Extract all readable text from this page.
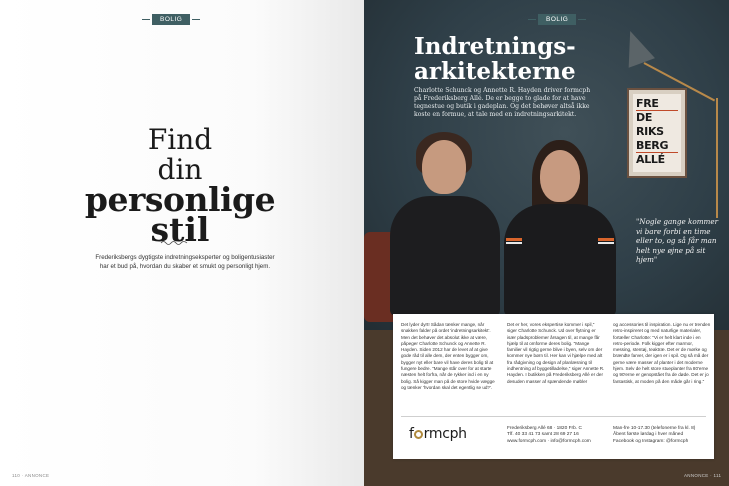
BOLIG
Find
din
personlige
stil
Frederiksbergs dygtigste indretningseksperter og boligentusiaster har et bud på, hvordan du skaber et smukt og personligt hjem.
110 · ANNONCE
FRE
DE
RIKS
BERG
ALLÉ
BOLIG
Indretnings-
arkitekterne
Charlotte Schunck og Annette R. Hayden driver formcph på Frederiksberg Allé. De er begge to glade for at have tegnestue og butik i gadeplan. Og det behøver altså ikke koste en formue, at tale med en indretningsarkitekt.
"Nogle gange kommer vi bare forbi en time eller to, og så får man helt nye øjne på sit hjem"
Det lyder dyrt! Sådan tænker mange, når snakken falder på ordet 'indretningsarkitekt'. Men det behøver det absolut ikke at være, påpeger Charlotte Schunck og Annette R. Hayden. Siden 2012 har de levet af at give gode råd til alle dem, der enten bygger om, bygger nyt eller bare vil have deres bolig til at fungere bedre. "Mange står over for at starte næsten helt forfra, når de rykker ind i en ny bolig. Så kigger man på de store hvide vægge og tænker 'hvordan skal det egentlig se ud?'.
Det er her, vores ekspertise kommer i spil," siger Charlotte Schunck. Ud over flytning er især pladsproblemer årsagen til, at mange får hjælp til at omforme deres bolig. "Mange familier vil rigtig gerne blive i byen, selv om der kommer nye børn til. Her kan vi hjælpe med alt fra rådgivning og design af planlæsning til indhentning af byggetilladelse," siger Annette R. Hayden. I butikken på Frederiksberg Allé er der desuden masser af spændende møbler
og accessories til inspiration. Lige nu er trenden retro-inspireret og med naturlige materialer, fortæller Charlotte: "Vi er helt klart inde i en retro-periode. Folk kigger efter marmor, messing, stentøj, teaktræ. Det er de mørke og brændte farver, der igen er i spil. Og så må der gerne være masser af planter i det moderne hjem. Selv de helt store stueplanter fra 80'erne og 90'erne er genopstået fra de døde. Det er jo fantastisk, at moden på den måde går i ring."
f rmcph	Frederiksberg Allé 68 · 1820 Frb. C
Tlf. 40 33 41 73 samt 28 69 27 16
www.formcph.com · info@formcph.com
Man-fre 10-17.30 (telefonerne fra kl. 8)
Åbent første lørdag i hver måned
Facebook og Instagram: @formcph
ANNONCE · 111
